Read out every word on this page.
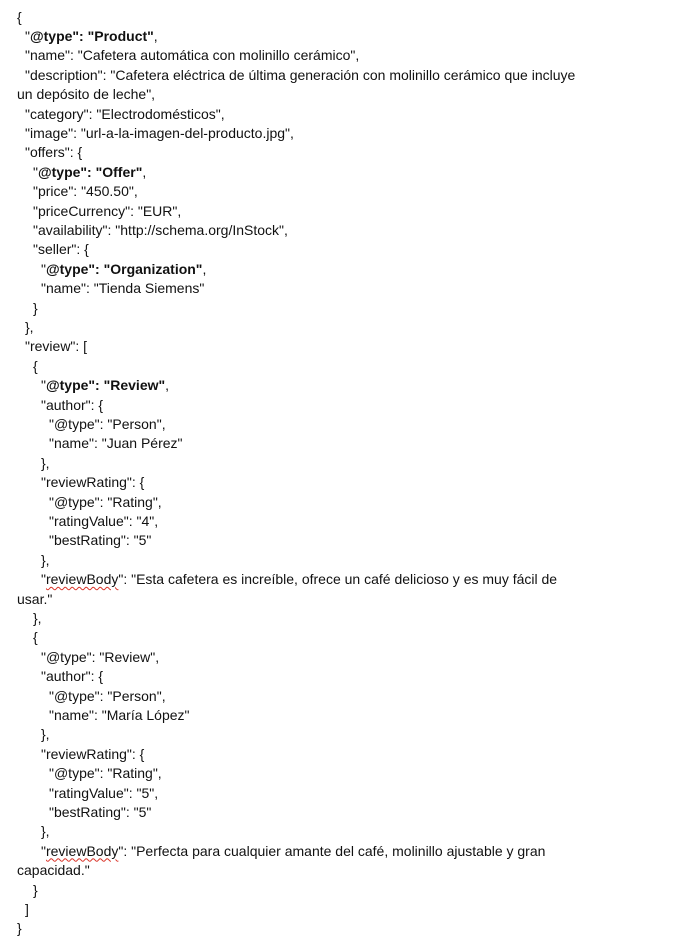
{
"@type": "Product",
"name": "Cafetera automática con molinillo cerámico",
"description": "Cafetera eléctrica de última generación con molinillo cerámico que incluye
un depósito de leche",
"category": "Electrodomésticos",
"image": "url-a-la-imagen-del-producto.jpg",
"offers": {
"@type": "Offer",
"price": "450.50",
"priceCurrency": "EUR",
"availability": "http://schema.org/InStock",
"seller": {
"@type": "Organization",
"name": "Tienda Siemens"
}
},
"review": [
{
"@type": "Review",
"author": {
"@type": "Person",
"name": "Juan Pérez"
},
"reviewRating": {
"@type": "Rating",
"ratingValue": "4",
"bestRating": "5"
},
"reviewBody": "Esta cafetera es increíble, ofrece un café delicioso y es muy fácil de
usar."
},
{
"@type": "Review",
"author": {
"@type": "Person",
"name": "María López"
},
"reviewRating": {
"@type": "Rating",
"ratingValue": "5",
"bestRating": "5"
},
"reviewBody": "Perfecta para cualquier amante del café, molinillo ajustable y gran
capacidad."
}
]
}
